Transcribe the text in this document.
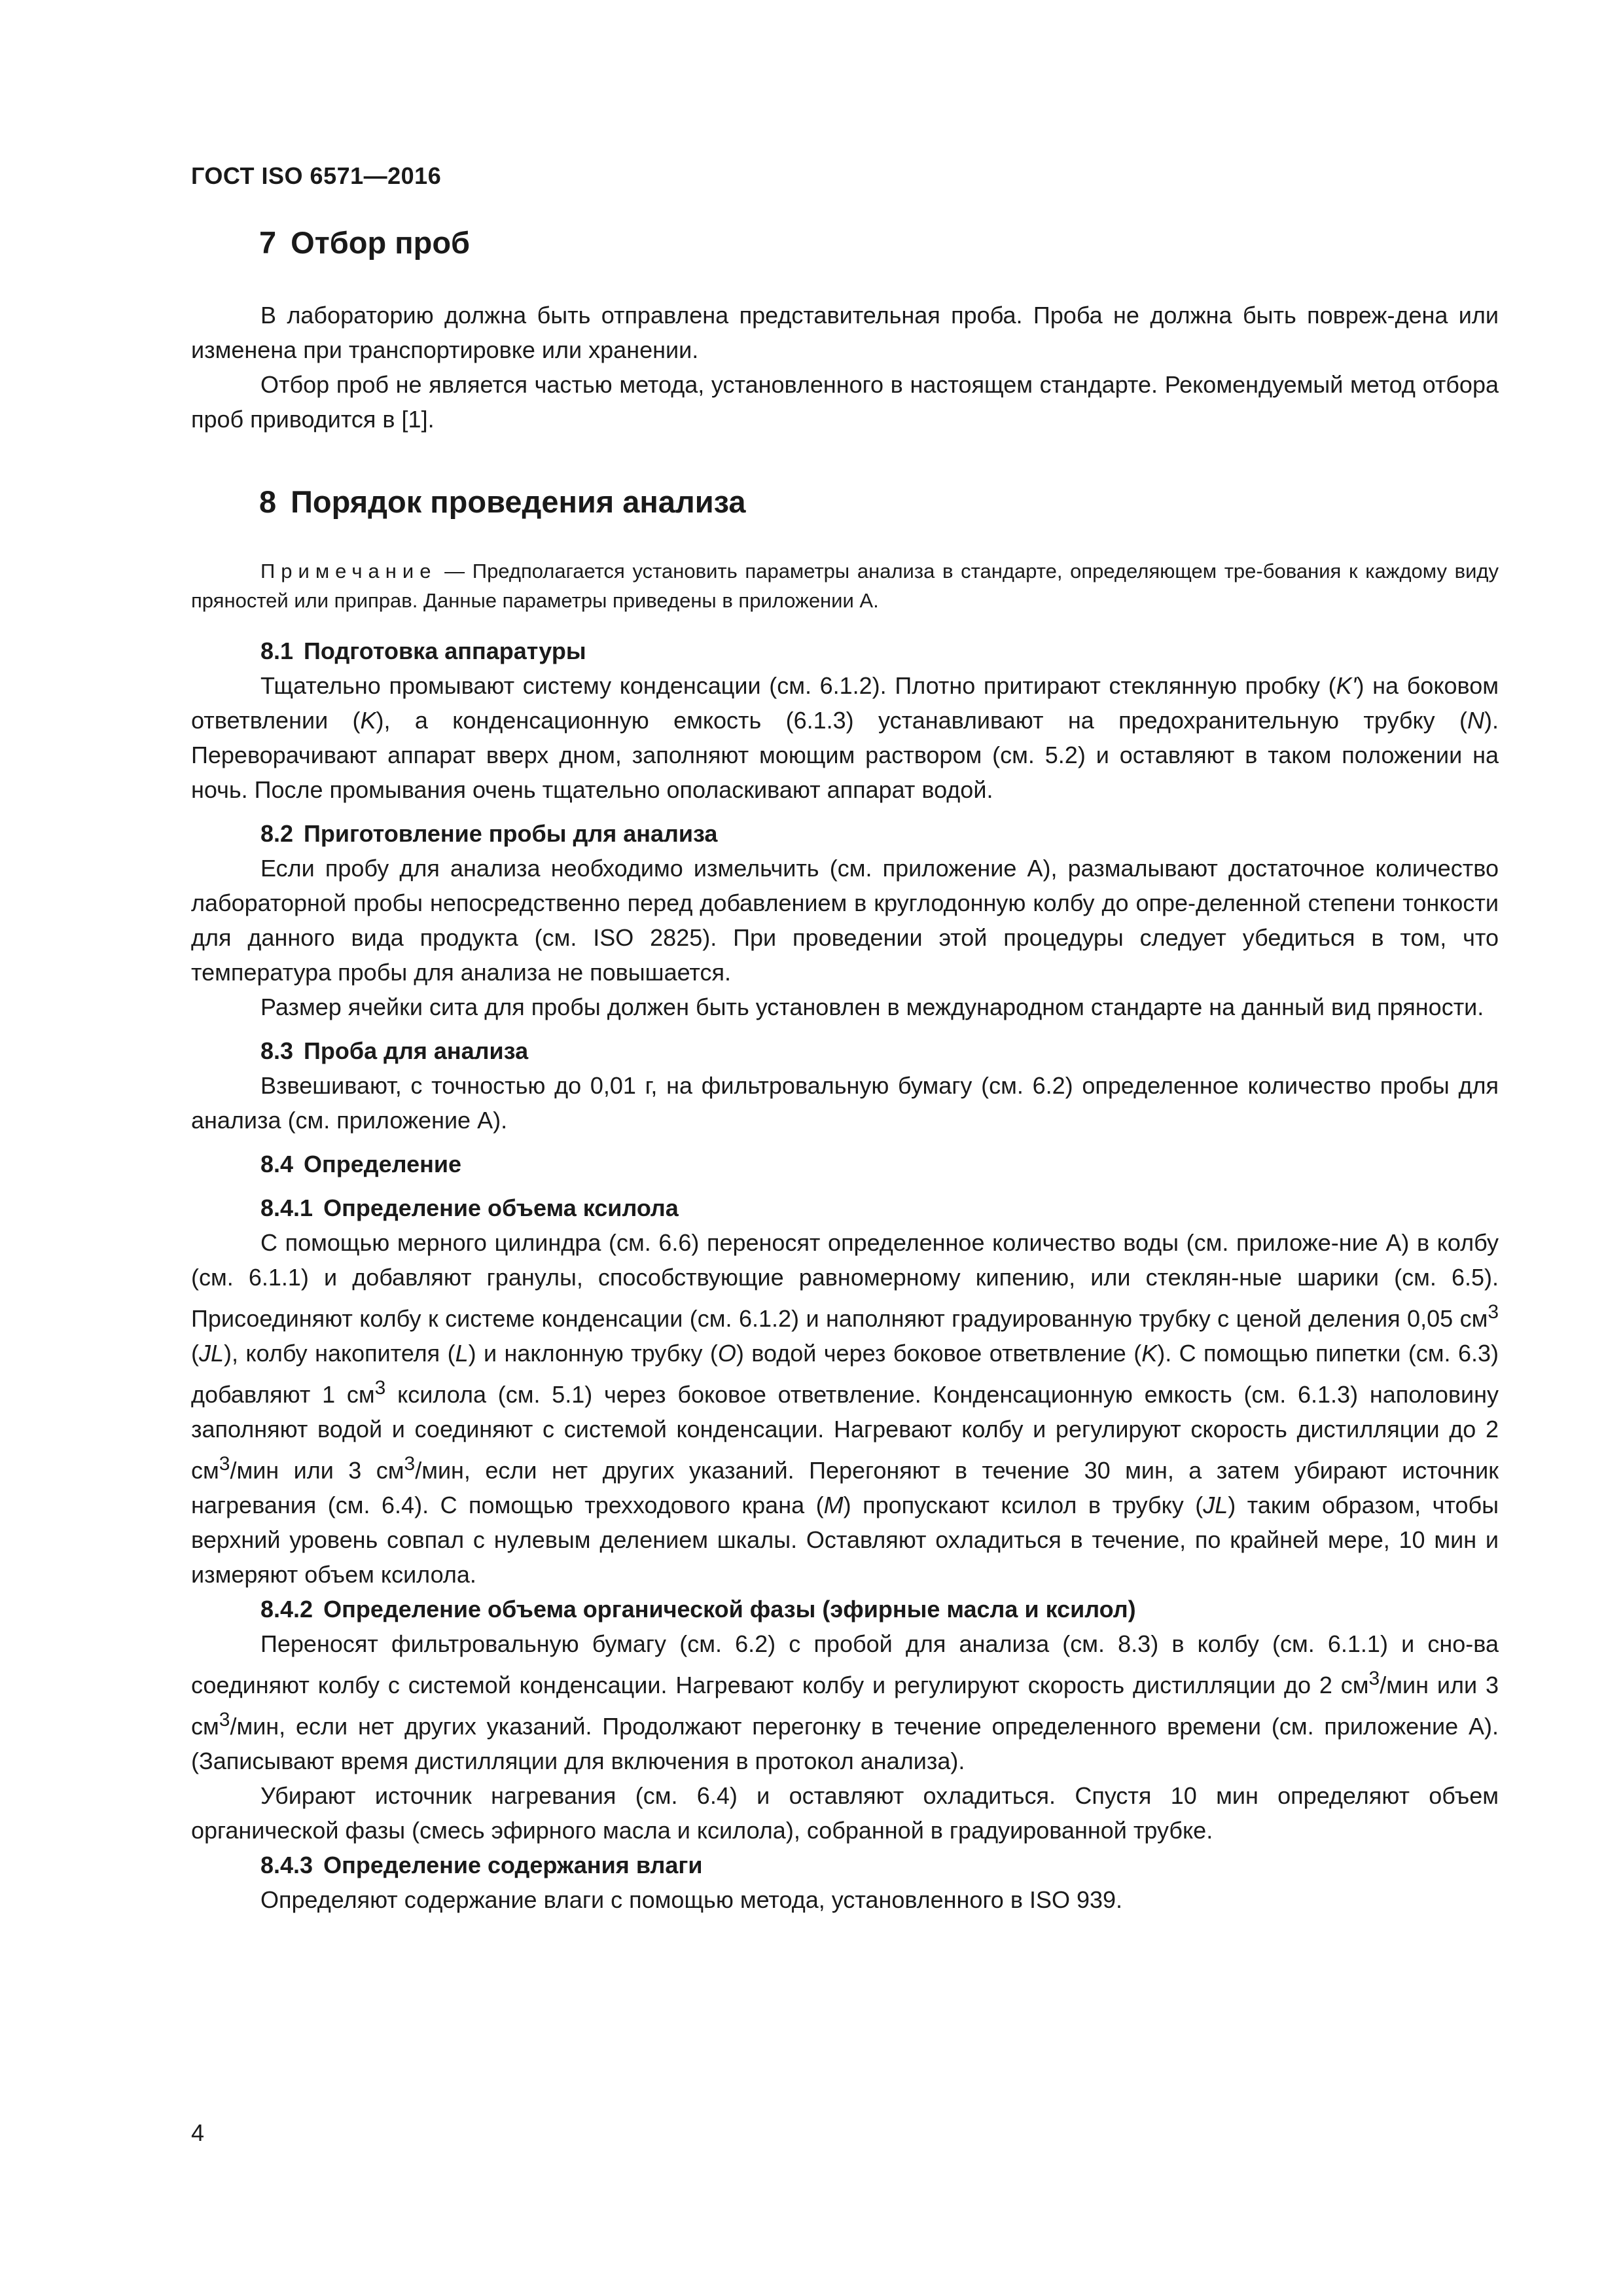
ГОСТ ISO 6571—2016
7 Отбор проб

В лабораторию должна быть отправлена представительная проба. Проба не должна быть повреж-дена или изменена при транспортировке или хранении.

Отбор проб не является частью метода, установленного в настоящем стандарте. Рекомендуемый метод отбора проб приводится в [1].

8 Порядок проведения анализа

Примечание — Предполагается установить параметры анализа в стандарте, определяющем тре-бования к каждому виду пряностей или приправ. Данные параметры приведены в приложении А.

8.1 Подготовка аппаратуры

Тщательно промывают систему конденсации (см. 6.1.2). Плотно притирают стеклянную пробку (K') на боковом ответвлении (K), а конденсационную емкость (6.1.3) устанавливают на предохранительную трубку (N). Переворачивают аппарат вверх дном, заполняют моющим раствором (см. 5.2) и оставляют в таком положении на ночь. После промывания очень тщательно ополаскивают аппарат водой.

8.2 Приготовление пробы для анализа

Если пробу для анализа необходимо измельчить (см. приложение А), размалывают достаточное количество лабораторной пробы непосредственно перед добавлением в круглодонную колбу до опре-деленной степени тонкости для данного вида продукта (см. ISO 2825). При проведении этой процедуры следует убедиться в том, что температура пробы для анализа не повышается.

Размер ячейки сита для пробы должен быть установлен в международном стандарте на данный вид пряности.

8.3 Проба для анализа

Взвешивают, с точностью до 0,01 г, на фильтровальную бумагу (см. 6.2) определенное количество пробы для анализа (см. приложение А).

8.4 Определение
8.4.1 Определение объема ксилола

С помощью мерного цилиндра (см. 6.6) переносят определенное количество воды (см. приложе-ние А) в колбу (см. 6.1.1) и добавляют гранулы, способствующие равномерному кипению, или стеклян-ные шарики (см. 6.5). Присоединяют колбу к системе конденсации (см. 6.1.2) и наполняют градуированную трубку с ценой деления 0,05 $см^3$ (JL), колбу накопителя (L) и наклонную трубку (O) водой через боковое ответвление (K). С помощью пипетки (см. 6.3) добавляют 1 $см^3$ ксилола (см. 5.1) через боковое ответвление. Конденсационную емкость (см. 6.1.3) наполовину заполняют водой и соединяют с системой конденсации. Нагревают колбу и регулируют скорость дистилляции до 2 $см^3$/мин или 3 $см^3$/мин, если нет других указаний. Перегоняют в течение 30 мин, а затем убирают источник нагревания (см. 6.4). С помощью трехходового крана (M) пропускают ксилол в трубку (JL) таким образом, чтобы верхний уровень совпал с нулевым делением шкалы. Оставляют охладиться в течение, по крайней мере, 10 мин и измеряют объем ксилола.

8.4.2 Определение объема органической фазы (эфирные масла и ксилол)

Переносят фильтровальную бумагу (см. 6.2) с пробой для анализа (см. 8.3) в колбу (см. 6.1.1) и сно-ва соединяют колбу с системой конденсации. Нагревают колбу и регулируют скорость дистилляции до 2 $см^3$/мин или 3 $см^3$/мин, если нет других указаний. Продолжают перегонку в течение определенного времени (см. приложение А). (Записывают время дистилляции для включения в протокол анализа).

Убирают источник нагревания (см. 6.4) и оставляют охладиться. Спустя 10 мин определяют объем органической фазы (смесь эфирного масла и ксилола), собранной в градуированной трубке.

8.4.3 Определение содержания влаги

Определяют содержание влаги с помощью метода, установленного в ISO 939.

4
